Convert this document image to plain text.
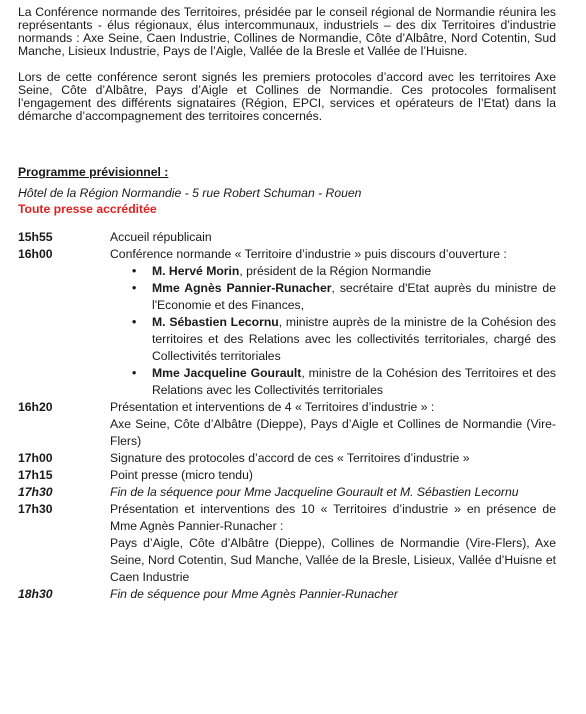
La Conférence normande des Territoires, présidée par le conseil régional de Normandie réunira les représentants - élus régionaux, élus intercommunaux, industriels – des dix Territoires d’industrie normands : Axe Seine, Caen Industrie, Collines de Normandie, Côte d’Albâtre, Nord Cotentin, Sud Manche, Lisieux Industrie, Pays de l’Aigle, Vallée de la Bresle et Vallée de l’Huisne.

Lors de cette conférence seront signés les premiers protocoles d’accord avec les territoires Axe Seine, Côte d’Albâtre, Pays d’Aigle et Collines de Normandie. Ces protocoles formalisent l’engagement des différents signataires (Région, EPCI, services et opérateurs de l’Etat) dans la démarche d’accompagnement des territoires concernés.

Programme prévisionnel :
Hôtel de la Région Normandie - 5 rue Robert Schuman - Rouen
Toute presse accréditée
15h55	Accueil républicain
16h00	Conférence normande « Territoire d’industrie » puis discours d’ouverture :
• M. Hervé Morin, président de la Région Normandie
• Mme Agnès Pannier-Runacher, secrétaire d'Etat auprès du ministre de l'Economie et des Finances,
• M. Sébastien Lecornu, ministre auprès de la ministre de la Cohésion des territoires et des Relations avec les collectivités territoriales, chargé des Collectivités territoriales
• Mme Jacqueline Gourault, ministre de la Cohésion des Territoires et des Relations avec les Collectivités territoriales
16h20	Présentation et interventions de 4 « Territoires d’industrie » :
Axe Seine, Côte d’Albâtre (Dieppe), Pays d’Aigle et Collines de Normandie (Vire-Flers)
17h00	Signature des protocoles d’accord de ces « Territoires d’industrie »
17h15	Point presse (micro tendu)
17h30	Fin de la séquence pour Mme Jacqueline Gourault et M. Sébastien Lecornu
17h30	Présentation et interventions des 10 « Territoires d’industrie » en présence de Mme Agnès Pannier-Runacher :
Pays d’Aigle, Côte d’Albâtre (Dieppe), Collines de Normandie (Vire-Flers), Axe Seine, Nord Cotentin, Sud Manche, Vallée de la Bresle, Lisieux, Vallée d’Huisne et Caen Industrie
18h30	Fin de séquence pour Mme Agnès Pannier-Runacher
